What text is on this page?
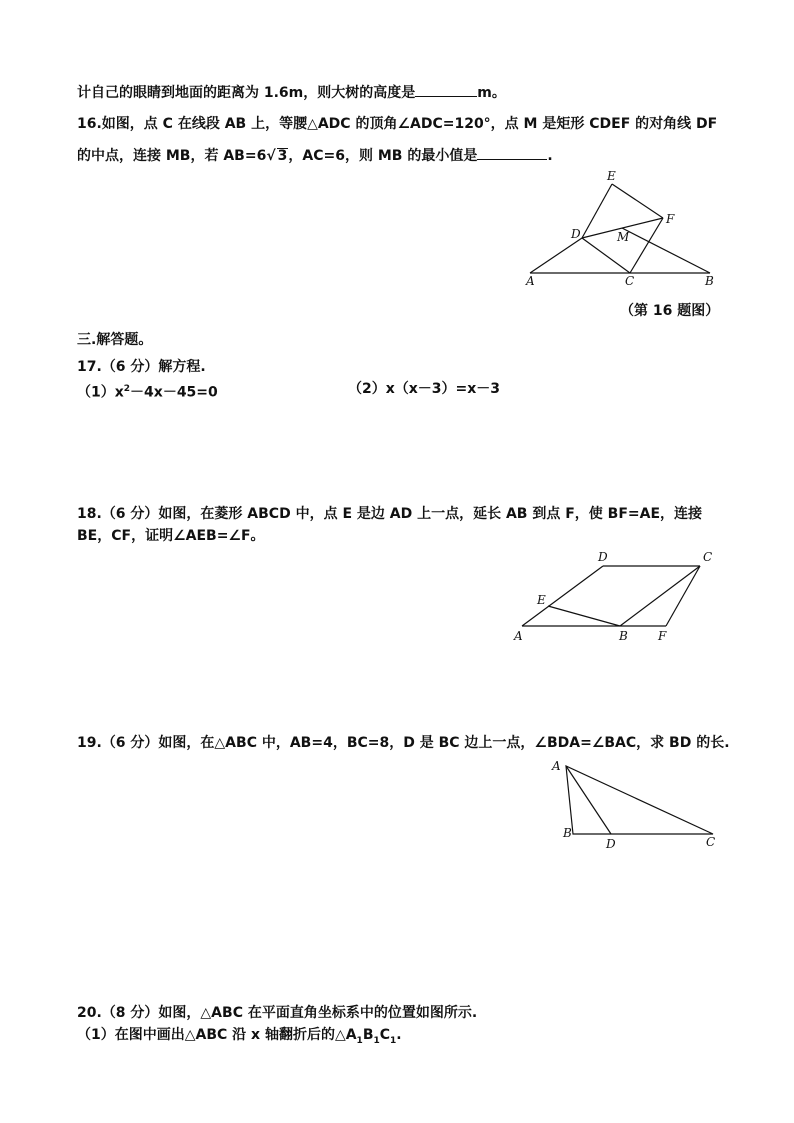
计自己的眼睛到地面的距离为 1.6m，则大树的高度是	m。
16.如图，点 C 在线段 AB 上，等腰△ADC 的顶角∠ADC=120°，点 M 是矩形 CDEF 的对角线 DF
的中点，连接 MB，若 AB=6√ 3，AC=6，则 MB 的最小值是	.
E
F
D	M
A	C	B
（第 16 题图）
三.解答题。
17.（6 分）解方程.
$(1)x^2-4x-45=0$	（2）x（x－3）=x－3
18.（6 分）如图，在菱形 ABCD 中，点 E 是边 AD 上一点，延长 AB 到点 F，使 BF=AE，连接
BE，CF，证明∠AEB=∠F。
D	C
E
A	B	F
19.（6 分）如图，在△ABC 中，AB=4，BC=8，D 是 BC 边上一点，∠BDA=∠BAC，求 BD 的长.
A
B
D	C
20.（8 分）如图，△ABC 在平面直角坐标系中的位置如图所示.
（1）在图中画出△ABC 沿 x 轴翻折后的$\triangle A_1B_1C_1$.
